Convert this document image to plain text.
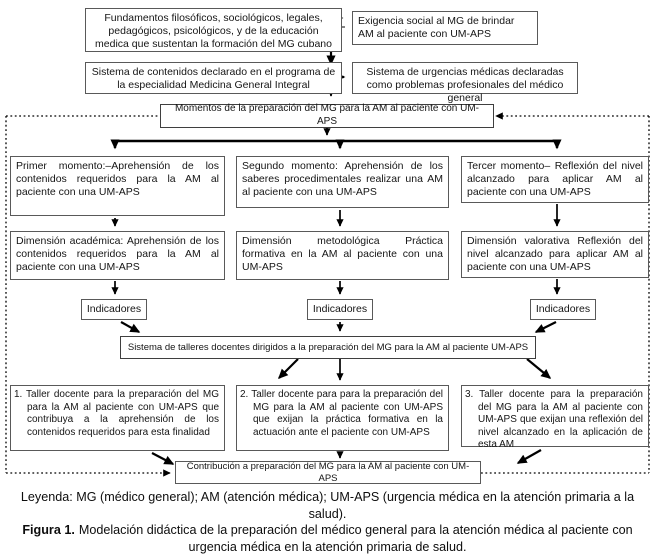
Fundamentos filosóficos, sociológicos, legales, pedagógicos, psicológicos, y de la educación medica que sustentan la formación del MG cubano
Exigencia social al MG de brindar AM al paciente con UM-APS
Sistema de contenidos declarado en el programa de la especialidad Medicina General Integral
Sistema de urgencias médicas declaradas como problemas profesionales del médico general
Momentos de la preparación del MG para la AM al paciente con UM-APS
Primer momento:–Aprehensión de los contenidos requeridos para la AM al paciente con una UM-APS
Segundo momento: Aprehensión de los saberes procedimentales realizar una AM al paciente con una UM-APS
Tercer momento– Reflexión del nivel alcanzado para aplicar AM al paciente con una UM-APS
Dimensión académica: Aprehensión de los contenidos requeridos para la AM al paciente con una UM-APS
Dimensión metodológica Práctica formativa en la AM al paciente con una UM-APS
Dimensión valorativa Reflexión del nivel alcanzado para aplicar AM al paciente con una UM-APS
Indicadores	Indicadores	Indicadores
Sistema de talleres docentes dirigidos a la preparación del MG para la AM al paciente UM-APS
1. Taller docente para la preparación del MG para la AM al paciente con UM-APS que contribuya a la aprehensión de los contenidos requeridos para esta finalidad
2. Taller docente para para la preparación del MG para la AM al paciente con UM-APS que exijan la práctica formativa en la actuación ante el paciente con UM-APS
3. Taller docente para la preparación del MG para la AM al paciente con UM-APS que exijan una reflexión del nivel alcanzado en la aplicación de esta AM
Contribución a preparación del MG para la AM al paciente con UM-APS
Leyenda: MG (médico general); AM (atención médica); UM-APS (urgencia médica en la atención primaria a la salud).
Figura 1. Modelación didáctica de la preparación del médico general para la atención médica al paciente con urgencia médica en la atención primaria de salud.
